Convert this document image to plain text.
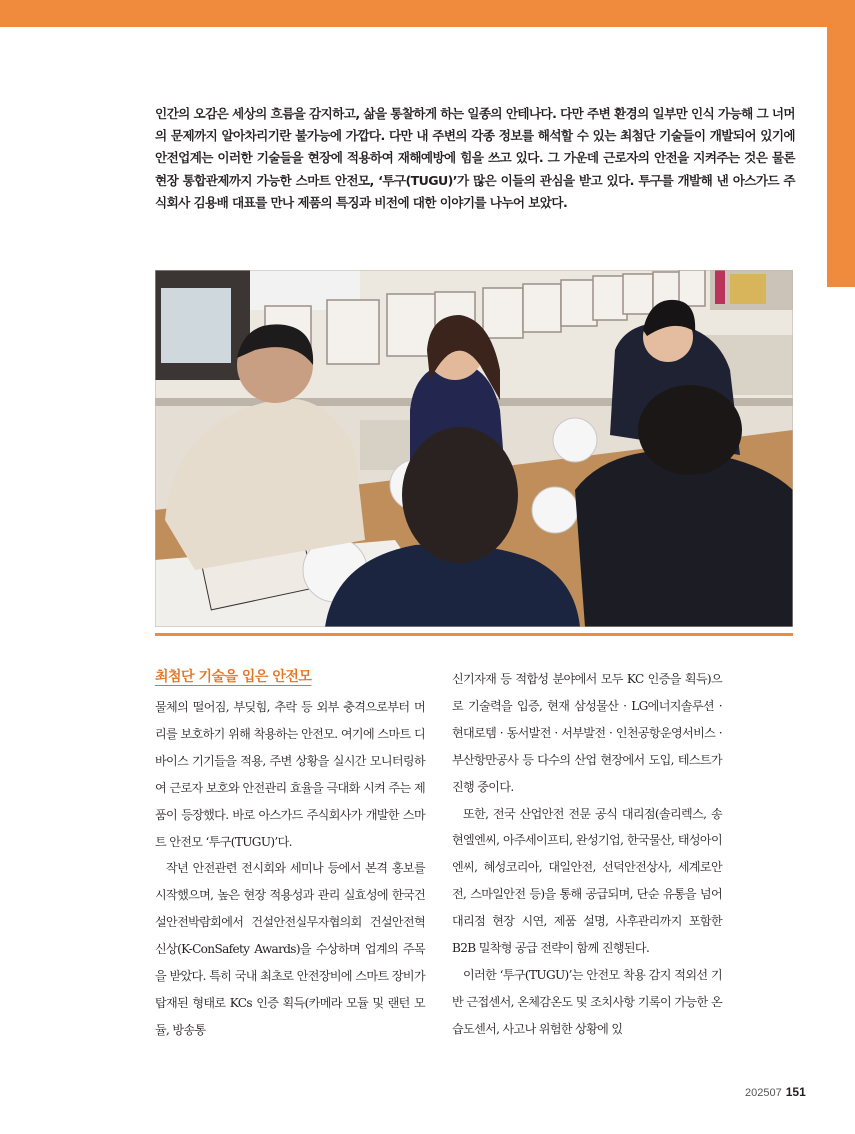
인간의 오감은 세상의 흐름을 감지하고, 삶을 통찰하게 하는 일종의 안테나다. 다만 주변 환경의 일부만 인식 가능해 그 너머의 문제까지 알아차리기란 불가능에 가깝다. 다만 내 주변의 각종 정보를 해석할 수 있는 최첨단 기술들이 개발되어 있기에 안전업계는 이러한 기술들을 현장에 적용하여 재해예방에 힘을 쓰고 있다. 그 가운데 근로자의 안전을 지켜주는 것은 물론 현장 통합관제까지 가능한 스마트 안전모, ‘투구(TUGU)’가 많은 이들의 관심을 받고 있다. 투구를 개발해 낸 아스가드 주식회사 김용배 대표를 만나 제품의 특징과 비전에 대한 이야기를 나누어 보았다.

최첨단 기술을 입은 안전모

물체의 떨어짐, 부딪힘, 추락 등 외부 충격으로부터 머리를 보호하기 위해 착용하는 안전모. 여기에 스마트 디바이스 기기들을 적용, 주변 상황을 실시간 모니터링하여 근로자 보호와 안전관리 효율을 극대화 시켜 주는 제품이 등장했다. 바로 아스가드 주식회사가 개발한 스마트 안전모 ‘투구(TUGU)’다.

작년 안전관련 전시회와 세미나 등에서 본격 홍보를 시작했으며, 높은 현장 적용성과 관리 실효성에 한국건설안전박람회에서 건설안전실무자협의회 건설안전혁신상(K-ConSafety Awards)을 수상하며 업계의 주목을 받았다. 특히 국내 최초로 안전장비에 스마트 장비가 탑재된 형태로 KCs 인증 획득(카메라 모듈 및 랜턴 모듈, 방송통

신기자재 등 적합성 분야에서 모두 KC 인증을 획득)으로 기술력을 입증, 현재 삼성물산 · LG에너지솔루션 · 현대로템 · 동서발전 · 서부발전 · 인천공항운영서비스 · 부산항만공사 등 다수의 산업 현장에서 도입, 테스트가 진행 중이다.

또한, 전국 산업안전 전문 공식 대리점(솔리렉스, 송현엘엔씨, 아주세이프티, 완성기업, 한국물산, 태성아이엔씨, 혜성코리아, 대일안전, 선덕안전상사, 세계로안전, 스마일안전 등)을 통해 공급되며, 단순 유통을 넘어 대리점 현장 시연, 제품 설명, 사후관리까지 포함한 B2B 밀착형 공급 전략이 함께 진행된다.

이러한 ‘투구(TUGU)’는 안전모 착용 감지 적외선 기반 근접센서, 온체감온도 및 조치사항 기록이 가능한 온습도센서, 사고나 위험한 상황에 있

202507 151
